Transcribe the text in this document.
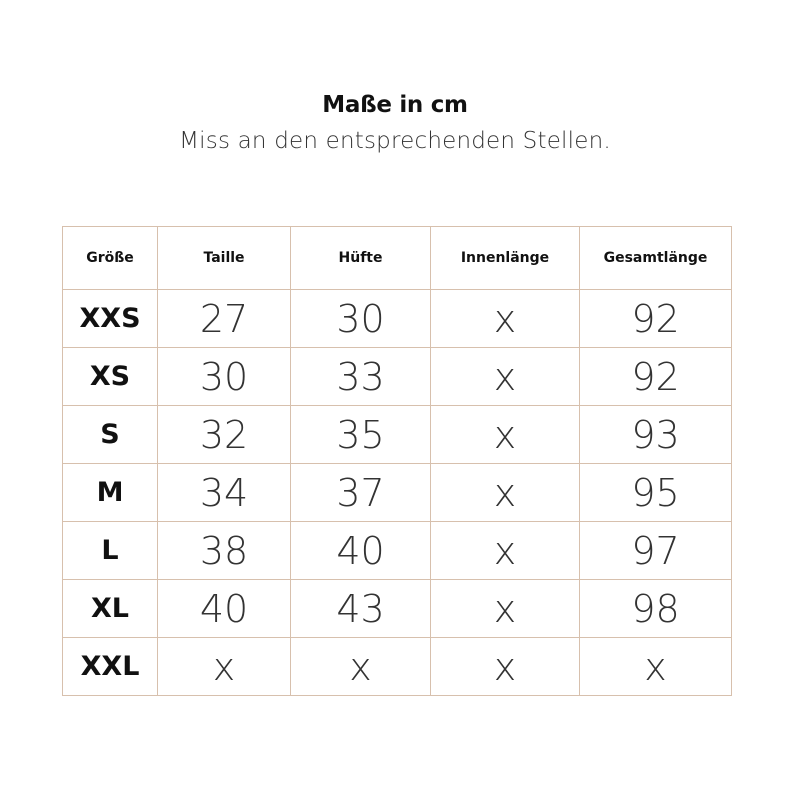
Maße in cm
Miss an den entsprechenden Stellen.
Größe	Taille	Hüfte	Innenlänge	Gesamtlänge
XXS	27	30	x	92
XS	30	33	x	92
S	32	35	x	93
M	34	37	x	95
L	38	40	x	97
XL	40	43	x	98
XXL	x	x	x	x
